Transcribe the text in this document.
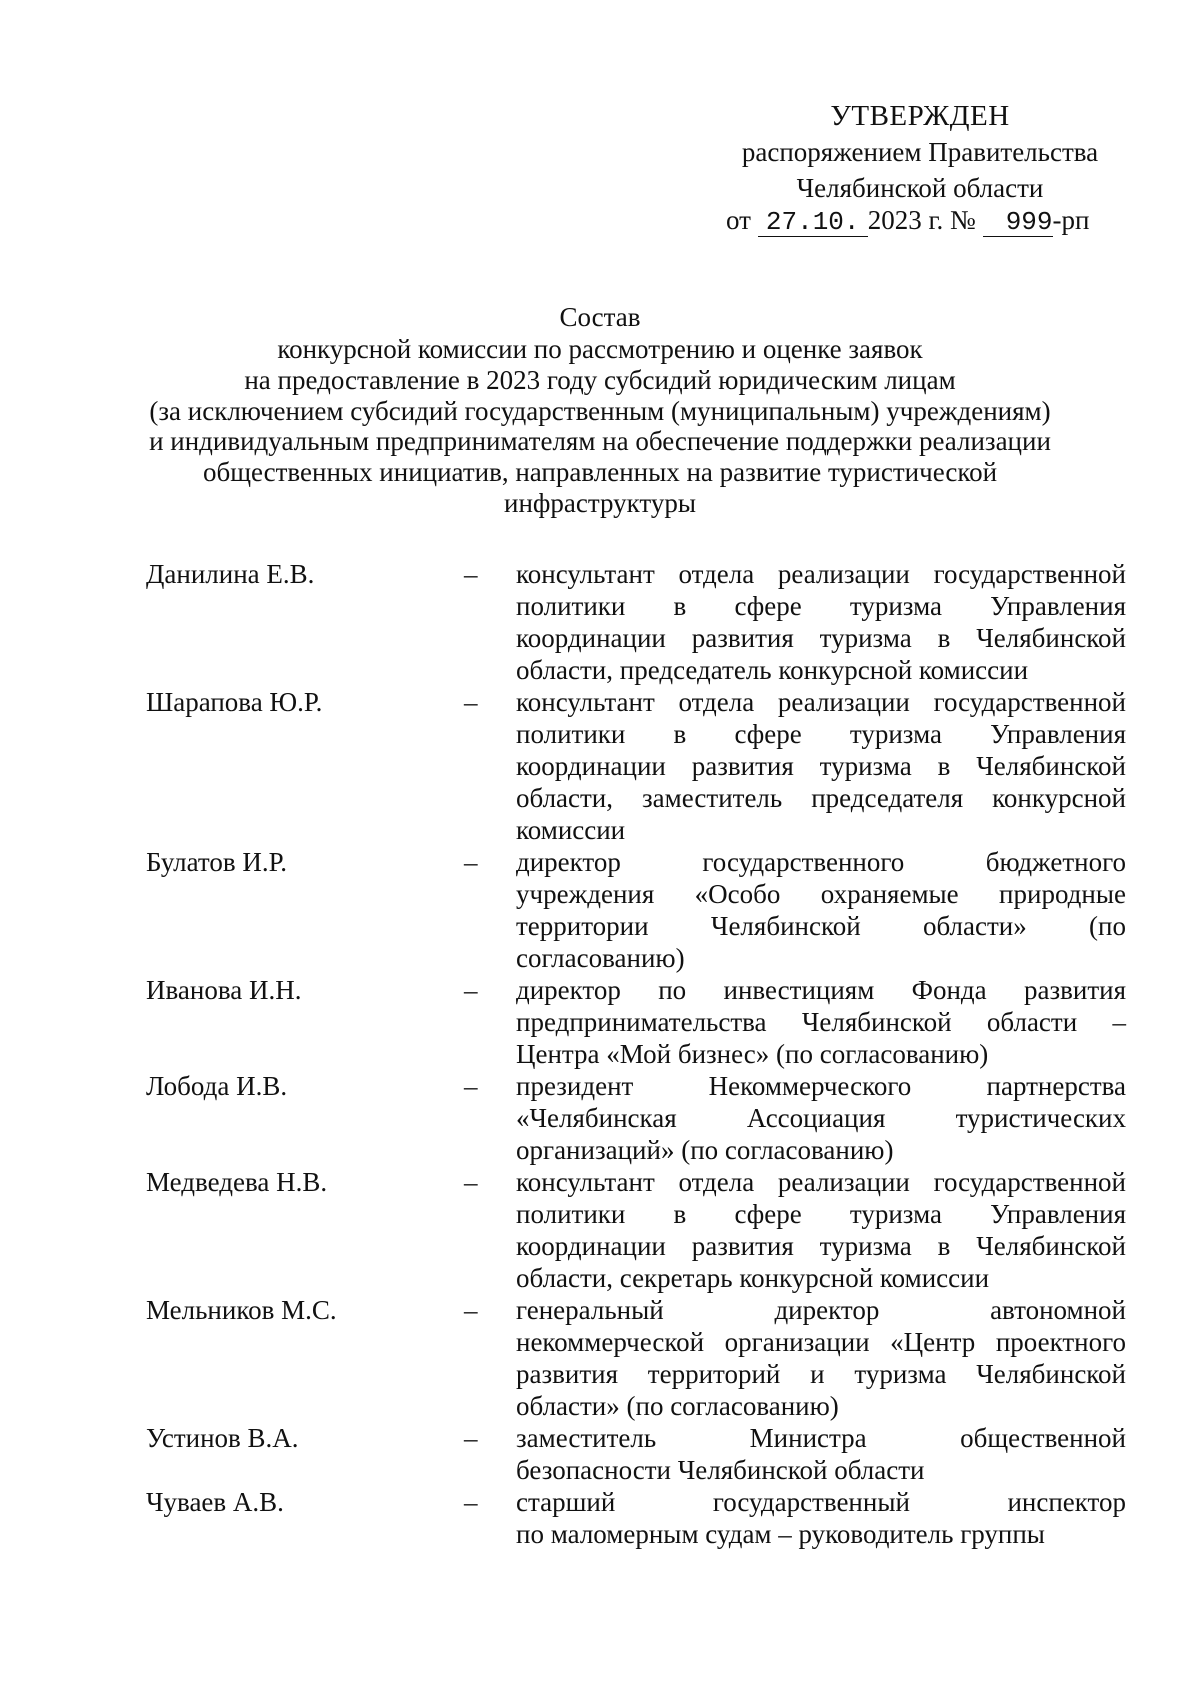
УТВЕРЖДЕН
распоряжением Правительства
Челябинской области
от 27.10. 2023 г. № 999-рп
Состав
конкурсной комиссии по рассмотрению и оценке заявок
на предоставление в 2023 году субсидий юридическим лицам
(за исключением субсидий государственным (муниципальным) учреждениям)
и индивидуальным предпринимателям на обеспечение поддержки реализации
общественных инициатив, направленных на развитие туристической
инфраструктуры
Данилина Е.В.	–	консультант отдела реализации государственной
политики в сфере туризма Управления
координации развития туризма в Челябинской
области, председатель конкурсной комиссии
Шарапова Ю.Р.	–	консультант отдела реализации государственной
политики в сфере туризма Управления
координации развития туризма в Челябинской
области, заместитель председателя конкурсной
комиссии
Булатов И.Р.	–	директор государственного бюджетного
учреждения «Особо охраняемые природные
территории Челябинской области» (по
согласованию)
Иванова И.Н.	–	директор по инвестициям Фонда развития
предпринимательства Челябинской области –
Центра «Мой бизнес» (по согласованию)
Лобода И.В.	–	президент Некоммерческого партнерства
«Челябинская Ассоциация туристических
организаций» (по согласованию)
Медведева Н.В.	–	консультант отдела реализации государственной
политики в сфере туризма Управления
координации развития туризма в Челябинской
области, секретарь конкурсной комиссии
Мельников М.С.	–	генеральный директор автономной
некоммерческой организации «Центр проектного
развития территорий и туризма Челябинской
области» (по согласованию)
Устинов В.А.	–	заместитель Министра общественной
безопасности Челябинской области
Чуваев А.В.	–	старший государственный инспектор
по маломерным судам – руководитель группы
